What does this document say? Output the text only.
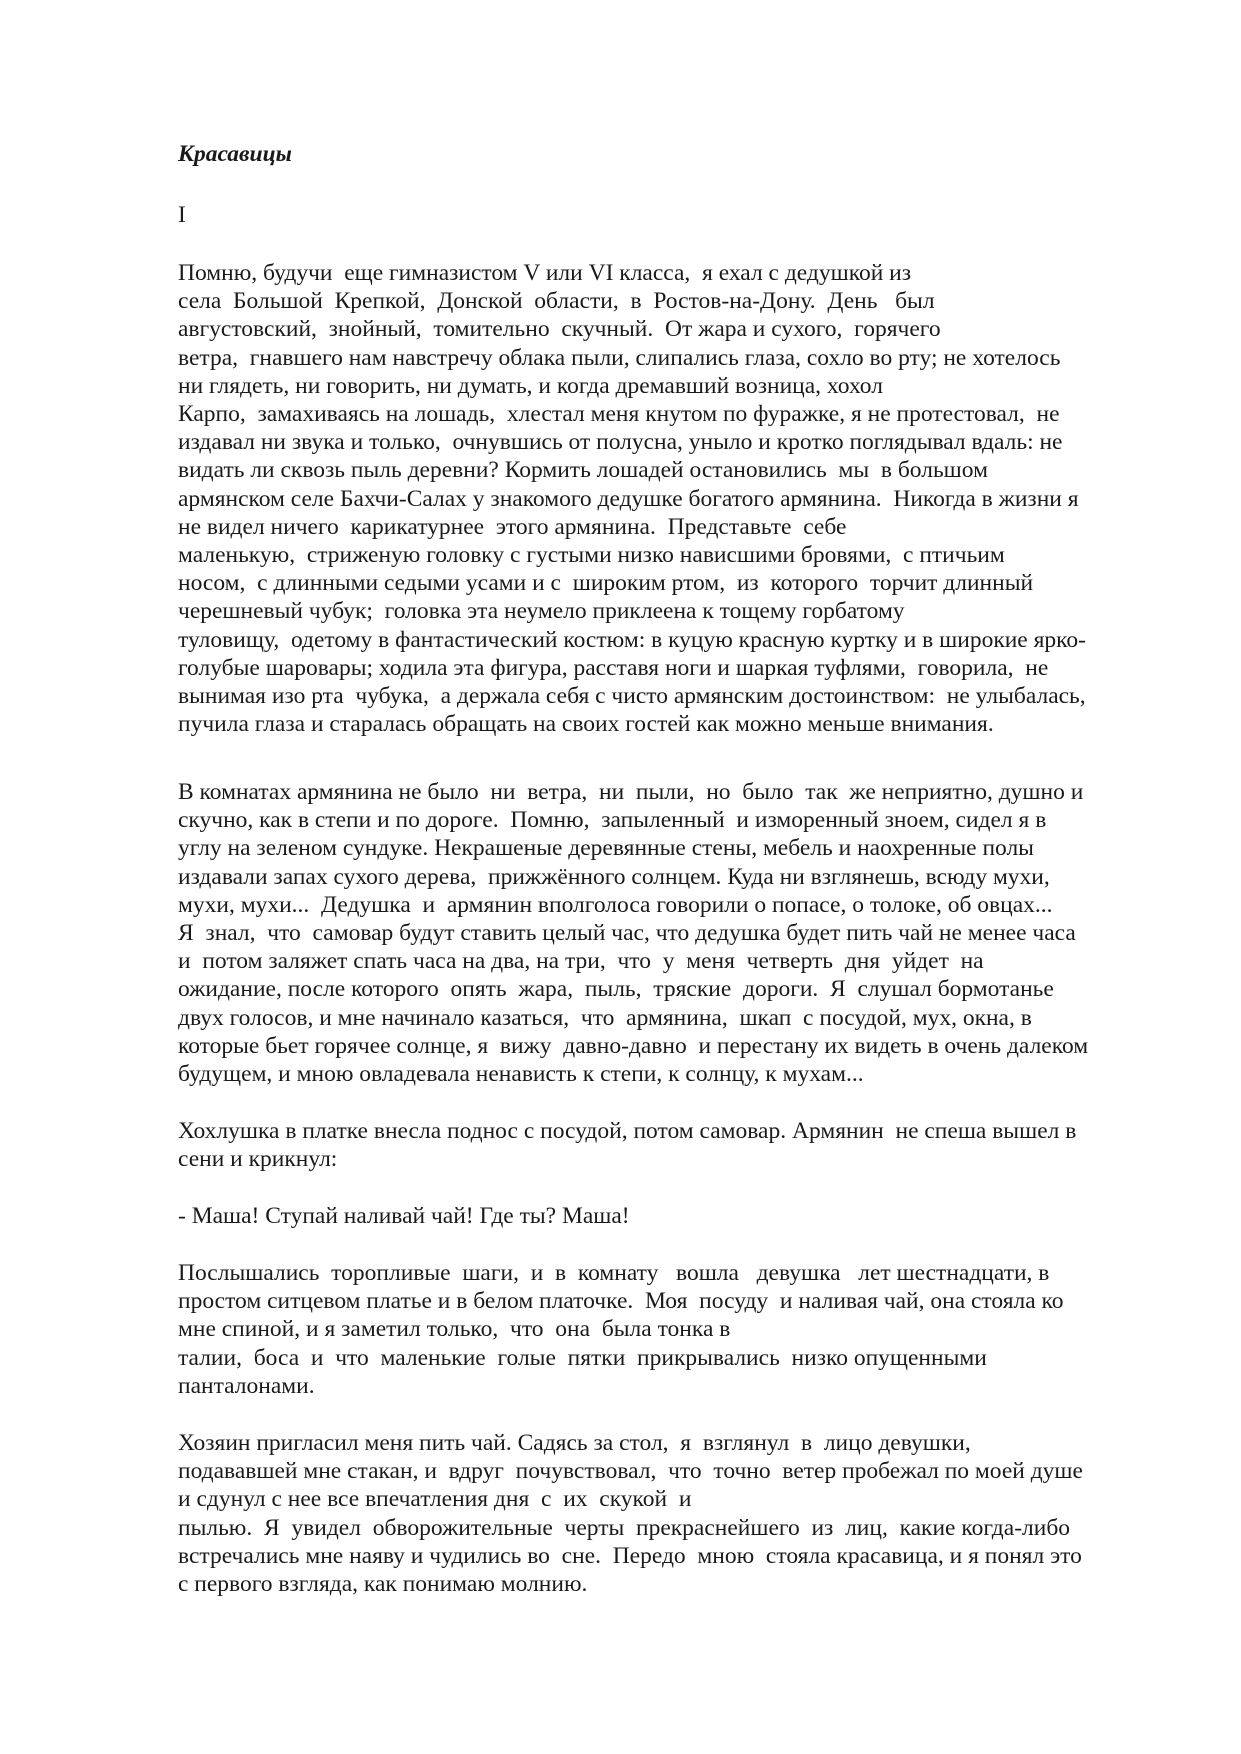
Красавицы
I
Помню, будучи  еще гимназистом V или VI класса,  я ехал с дедушкой из
села  Большой  Крепкой,  Донской  области,  в  Ростов-на-Дону.  День   был
августовский,  знойный,  томительно  скучный.  От жара и сухого,  горячего
ветра,  гнавшего нам навстречу облака пыли, слипались глаза, сохло во рту; не хотелось
ни глядеть, ни говорить, ни думать, и когда дремавший возница, хохол
Карпо,  замахиваясь на лошадь,  хлестал меня кнутом по фуражке, я не протестовал,  не
издавал ни звука и только,  очнувшись от полусна, уныло и кротко поглядывал вдаль: не
видать ли сквозь пыль деревни? Кормить лошадей остановились  мы  в большом
армянском селе Бахчи-Салах у знакомого дедушке богатого армянина.  Никогда в жизни я
не видел ничего  карикатурнее  этого армянина.  Представьте  себе
маленькую,  стриженую головку с густыми низко нависшими бровями,  с птичьим
носом,  с длинными седыми усами и с  широким ртом,  из  которого  торчит длинный
черешневый чубук;  головка эта неумело приклеена к тощему горбатому
туловищу,  одетому в фантастический костюм: в куцую красную куртку и в широкие ярко-
голубые шаровары; ходила эта фигура, расставя ноги и шаркая туфлями,  говорила,  не
вынимая изо рта  чубука,  а держала себя с чисто армянским достоинством:  не улыбалась,
пучила глаза и старалась обращать на своих гостей как можно меньше внимания.
В комнатах армянина не было  ни  ветра,  ни  пыли,  но  было  так  же неприятно, душно и
скучно, как в степи и по дороге.  Помню,  запыленный  и изморенный зноем, сидел я в
углу на зеленом сундуке. Некрашеные деревянные стены, мебель и наохренные полы
издавали запах сухого дерева,  прижжённого солнцем. Куда ни взглянешь, всюду мухи,
мухи, мухи...  Дедушка  и  армянин вполголоса говорили о попасе, о толоке, об овцах...
Я  знал,  что  самовар будут ставить целый час, что дедушка будет пить чай не менее часа
и  потом заляжет спать часа на два, на три,  что  у  меня  четверть  дня  уйдет  на
ожидание, после которого  опять  жара,  пыль,  тряские  дороги.  Я  слушал бормотанье
двух голосов, и мне начинало казаться,  что  армянина,  шкап  с посудой, мух, окна, в
которые бьет горячее солнце, я  вижу  давно-давно  и перестану их видеть в очень далеком
будущем, и мною овладевала ненависть к степи, к солнцу, к мухам...
Хохлушка в платке внесла поднос с посудой, потом самовар. Армянин  не спеша вышел в
сени и крикнул:
- Маша! Ступай наливай чай! Где ты? Маша!
Послышались  торопливые  шаги,  и  в  комнату   вошла   девушка   лет шестнадцати, в
простом ситцевом платье и в белом платочке.  Моя  посуду  и наливая чай, она стояла ко
мне спиной, и я заметил только,  что  она  была тонка в
талии,  боса  и  что  маленькие  голые  пятки  прикрывались  низко опущенными
панталонами.
Хозяин пригласил меня пить чай. Садясь за стол,  я  взглянул  в  лицо девушки,
подававшей мне стакан, и  вдруг  почувствовал,  что  точно  ветер пробежал по моей душе
и сдунул с нее все впечатления дня  с  их  скукой  и
пылью.  Я  увидел  обворожительные  черты  прекраснейшего  из  лиц,  какие когда-либо
встречались мне наяву и чудились во  сне.  Передо  мною  стояла красавица, и я понял это
с первого взгляда, как понимаю молнию.
